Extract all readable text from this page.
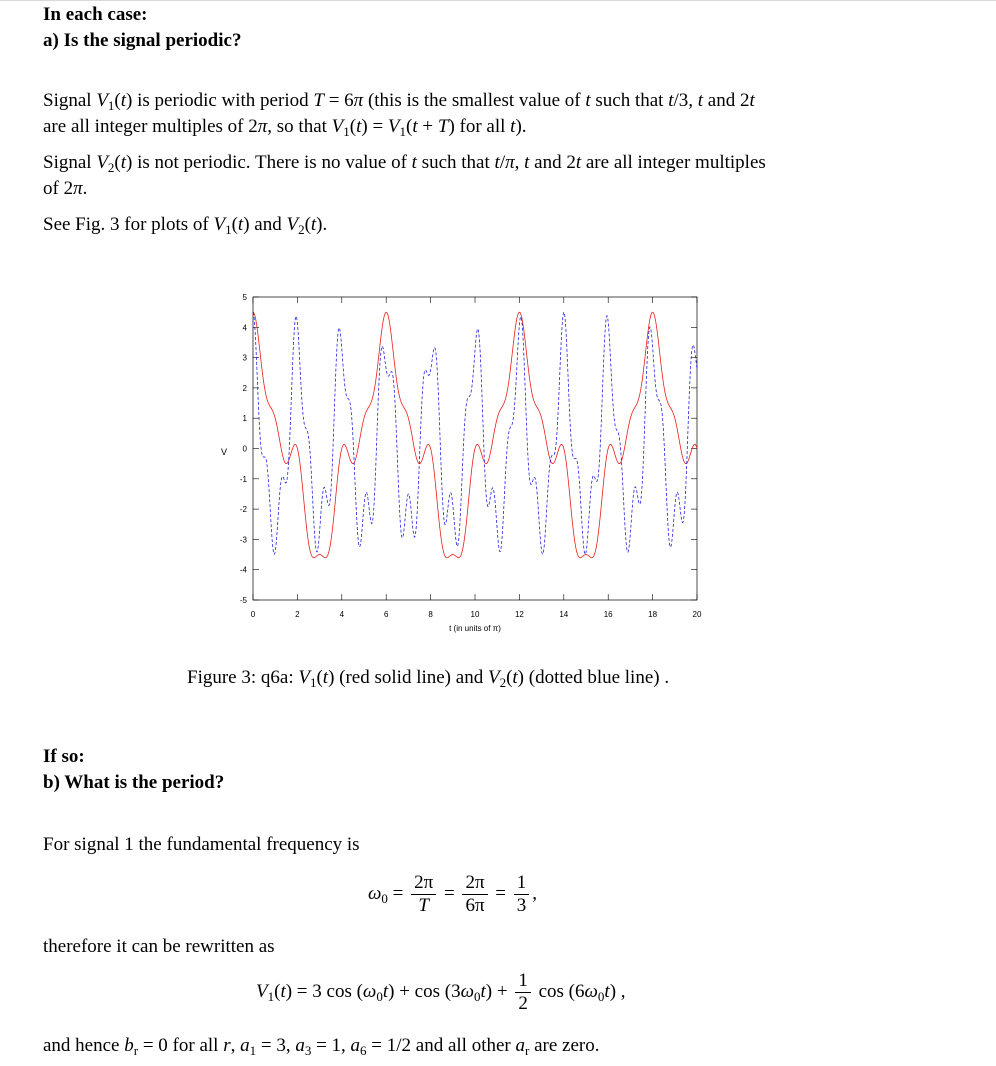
In each case:
a) Is the signal periodic?
Signal $V_1(t)$ is periodic with period T = 6π (this is the smallest value of t such that t/3, t and 2t
are all integer multiples of 2π, so that $V_1(t) = V_1(t + T)$ for all t).
Signal $V_2(t)$ is not periodic. There is no value of t such that t/π, t and 2t are all integer multiples
of 2π.
See Fig. 3 for plots of $V_1(t)$ and $V_2(t)$.
0	2	4	6	8	10	12	14	16	18	20
5
4
3
2
1
0
-1
-2
-3
-4
-5
t (in units of π)
V
Figure 3: q6a: $V_1(t)$ (red solid line) and $V_2(t)$ (dotted blue line) .
If so:
b) What is the period?
For signal 1 the fundamental frequency is
$\omega_0 = \frac{2\pi}{T} = \frac{2\pi}{6\pi} = \frac{1}{3}$ ,
therefore it can be rewritten as
$V_1(t) = 3$ $\cos (\omega_0t) + \cos (3\omega_0t) + \frac{1}{2}$ $\cos (6\omega_0t)$ ,
and hence $b_r = 0$ for all r, $a_1 = 3$, $a_3 = 1$, $a_6 = 1/2$ and all other $a_r$ are zero.
